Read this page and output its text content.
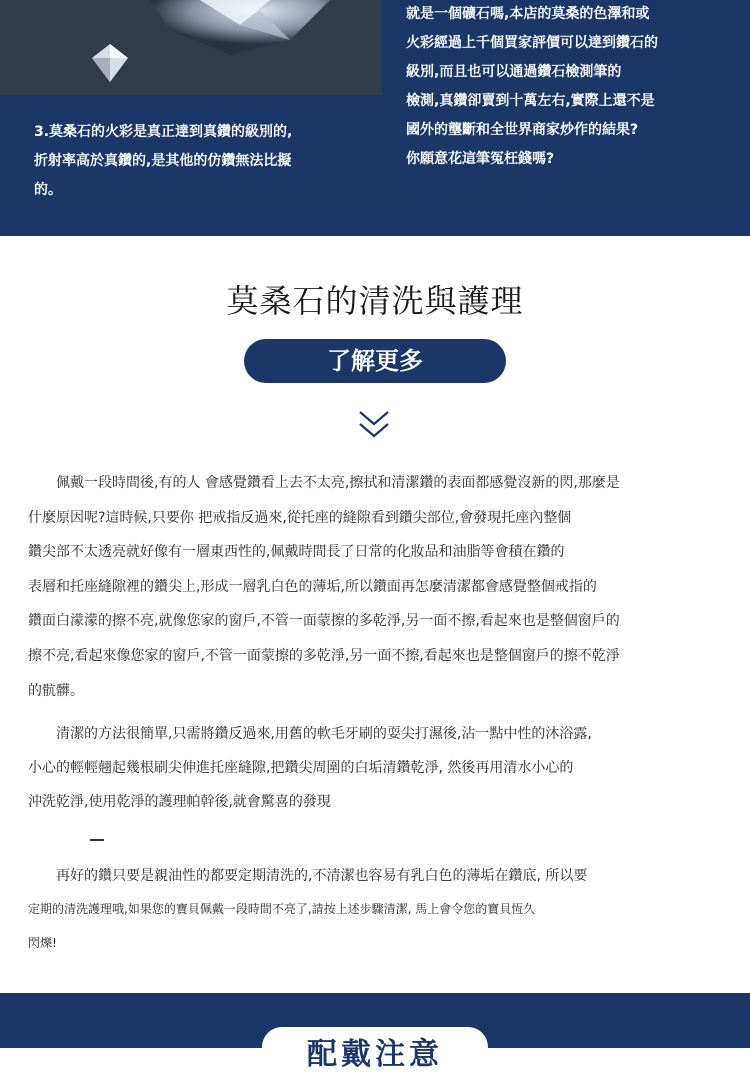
3.莫桑石的火彩是真正達到真鑽的級別的,

折射率高於真鑽的,是其他的仿鑽無法比擬

的。

就是一個礦石嗎,本店的莫桑的色澤和或

火彩經過上千個買家評價可以達到鑽石的

級別,而且也可以通過鑽石檢測筆的

檢測,真鑽卻賣到十萬左右,實際上還不是

國外的壟斷和全世界商家炒作的結果?

你願意花這筆冤枉錢嗎?

莫桑石的清洗與護理
了解更多

　　佩戴一段時間後,有的人 會感覺鑽看上去不太亮,擦拭和清潔鑽的表面都感覺沒新的閃,那麼是

什麼原因呢?這時候,只要你 把戒指反過來,從托座的縫隙看到鑽尖部位,會發現托座內整個

鑽尖部不太透亮就好像有一層東西性的,佩戴時間長了日常的化妝品和油脂等會積在鑽的

表層和托座縫隙裡的鑽尖上,形成一層乳白色的薄垢,所以鑽面再怎麼清潔都會感覺整個戒指的

鑽面白濛濛的擦不亮,就像您家的窗戶,不管一面蒙擦的多乾淨,另一面不擦,看起來也是整個窗戶的

擦不亮,看起來像您家的窗戶,不管一面蒙擦的多乾淨,另一面不擦,看起來也是整個窗戶的擦不乾淨

的骯髒。

　　清潔的方法很簡單,只需將鑽反過來,用舊的軟毛牙刷的耍尖打濕後,沾一點中性的沐浴露,

小心的輕輕翹起幾根刷尖伸進托座縫隙,把鑽尖周圍的白垢清鑽乾淨, 然後再用清水小心的

沖洗乾淨,使用乾淨的護理帕幹後,就會驚喜的發現

　　再好的鑽只要是親油性的都要定期清洗的,不清潔也容易有乳白色的薄垢在鑽底, 所以要

定期的清洗護理哦,如果您的寶貝佩戴一段時間不亮了,請按上述步驟清潔, 馬上會令您的寶貝恆久

閃爍!

配戴注意
